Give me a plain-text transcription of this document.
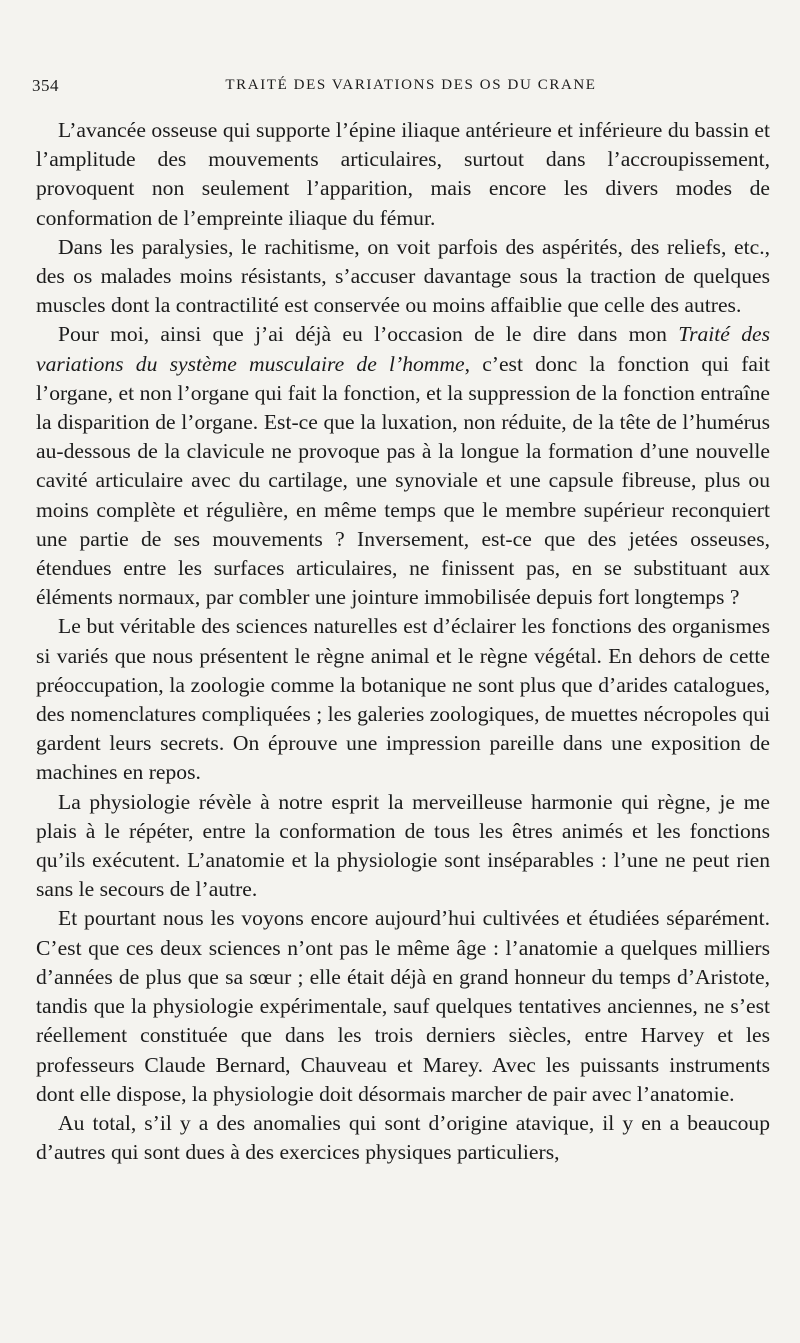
354	TRAITÉ DES VARIATIONS DES OS DU CRANE

L’avancée osseuse qui supporte l’épine iliaque antérieure et inférieure du bassin et l’amplitude des mouvements articulaires, surtout dans l’accroupissement, provoquent non seulement l’apparition, mais encore les divers modes de conformation de l’empreinte iliaque du fémur.

Dans les paralysies, le rachitisme, on voit parfois des aspérités, des reliefs, etc., des os malades moins résistants, s’accuser davantage sous la traction de quelques muscles dont la contractilité est conservée ou moins affaiblie que celle des autres.

Pour moi, ainsi que j’ai déjà eu l’occasion de le dire dans mon Traité des variations du système musculaire de l’homme, c’est donc la fonction qui fait l’organe, et non l’organe qui fait la fonction, et la suppression de la fonction entraîne la disparition de l’organe. Est-ce que la luxation, non réduite, de la tête de l’humérus au-dessous de la clavicule ne provoque pas à la longue la formation d’une nouvelle cavité articulaire avec du cartilage, une synoviale et une capsule fibreuse, plus ou moins complète et régulière, en même temps que le membre supérieur reconquiert une partie de ses mouvements ? Inversement, est-ce que des jetées osseuses, étendues entre les surfaces articulaires, ne finissent pas, en se substituant aux éléments normaux, par combler une jointure immobilisée depuis fort longtemps ?

Le but véritable des sciences naturelles est d’éclairer les fonctions des organismes si variés que nous présentent le règne animal et le règne végétal. En dehors de cette préoccupation, la zoologie comme la botanique ne sont plus que d’arides catalogues, des nomenclatures compliquées ; les galeries zoologiques, de muettes nécropoles qui gardent leurs secrets. On éprouve une impression pareille dans une exposition de machines en repos.

La physiologie révèle à notre esprit la merveilleuse harmonie qui règne, je me plais à le répéter, entre la conformation de tous les êtres animés et les fonctions qu’ils exécutent. L’anatomie et la physiologie sont inséparables : l’une ne peut rien sans le secours de l’autre.

Et pourtant nous les voyons encore aujourd’hui cultivées et étudiées séparément. C’est que ces deux sciences n’ont pas le même âge : l’anatomie a quelques milliers d’années de plus que sa sœur ; elle était déjà en grand honneur du temps d’Aristote, tandis que la physiologie expérimentale, sauf quelques tentatives anciennes, ne s’est réellement constituée que dans les trois derniers siècles, entre Harvey et les professeurs Claude Bernard, Chauveau et Marey. Avec les puissants instruments dont elle dispose, la physiologie doit désormais marcher de pair avec l’anatomie.

Au total, s’il y a des anomalies qui sont d’origine atavique, il y en a beaucoup d’autres qui sont dues à des exercices physiques particuliers,
